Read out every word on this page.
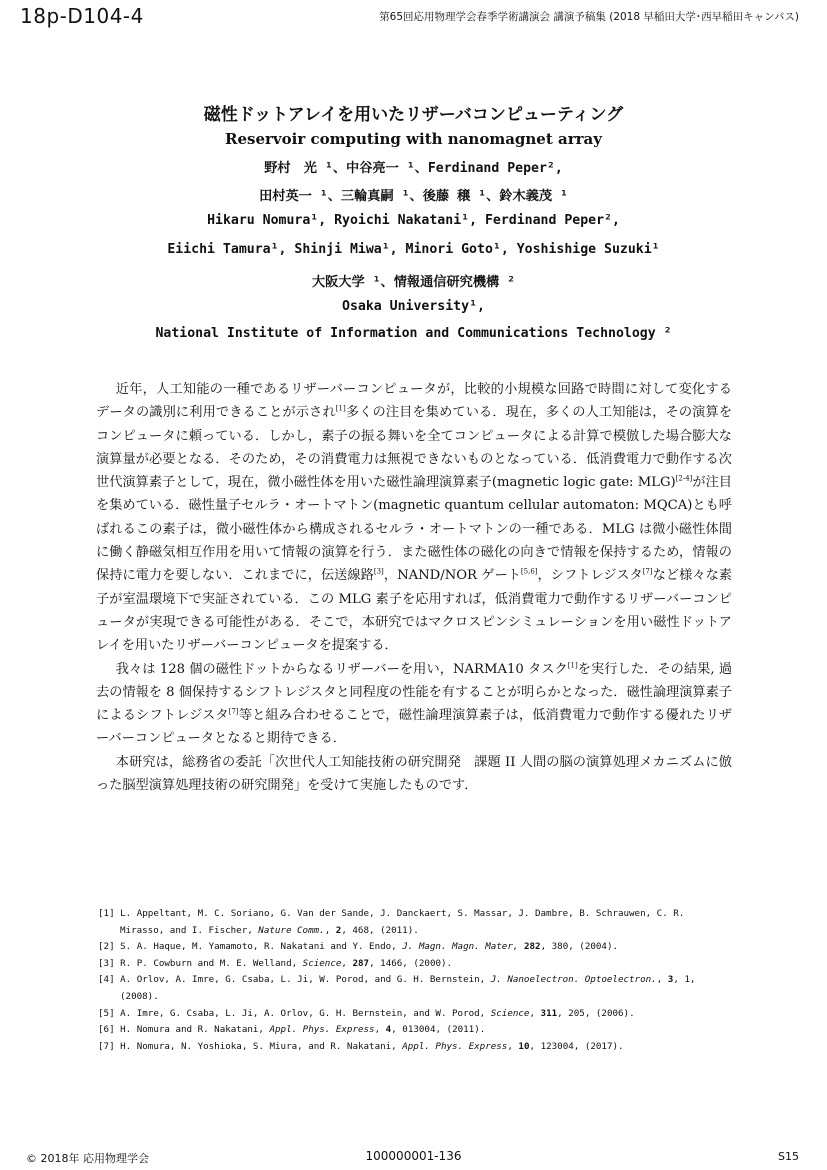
18p-D104-4	第65回応用物理学会春季学術講演会 講演予稿集 (2018 早稲田大学･西早稲田キャンパス)
磁性ドットアレイを用いたリザーバコンピューティング
Reservoir computing with nanomagnet array
野村　光 ¹、中谷亮一 ¹、Ferdinand Peper²,
田村英一 ¹、三輪真嗣 ¹、後藤 穣 ¹、鈴木義茂 ¹
Hikaru Nomura¹, Ryoichi Nakatani¹, Ferdinand Peper²,
Eiichi Tamura¹, Shinji Miwa¹, Minori Goto¹, Yoshishige Suzuki¹
大阪大学 ¹、情報通信研究機構 ²
Osaka University¹,
National Institute of Information and Communications Technology ²

近年，人工知能の一種であるリザーバーコンピュータが，比較的小規模な回路で時間に対して変化するデータの識別に利用できることが示され[1]多くの注目を集めている．現在，多くの人工知能は，その演算をコンピュータに頼っている．しかし，素子の振る舞いを全てコンピュータによる計算で模倣した場合膨大な演算量が必要となる．そのため，その消費電力は無視できないものとなっている．低消費電力で動作する次世代演算素子として，現在，微小磁性体を用いた磁性論理演算素子(magnetic logic gate: MLG)[2-4]が注目を集めている．磁性量子セルラ・オートマトン(magnetic quantum cellular automaton: MQCA)とも呼ばれるこの素子は，微小磁性体から構成されるセルラ・オートマトンの一種である．MLG は微小磁性体間に働く静磁気相互作用を用いて情報の演算を行う．また磁性体の磁化の向きで情報を保持するため，情報の保持に電力を要しない．これまでに，伝送線路[3]，NAND/NOR ゲート[5,6]，シフトレジスタ[7]など様々な素子が室温環境下で実証されている．この MLG 素子を応用すれば，低消費電力で動作するリザーバーコンピュータが実現できる可能性がある．そこで，本研究ではマクロスピンシミュレーションを用い磁性ドットアレイを用いたリザーバーコンピュータを提案する．

我々は 128 個の磁性ドットからなるリザーバーを用い，NARMA10 タスク[1]を実行した．その結果, 過去の情報を 8 個保持するシフトレジスタと同程度の性能を有することが明らかとなった．磁性論理演算素子によるシフトレジスタ[7]等と組み合わせることで，磁性論理演算素子は，低消費電力で動作する優れたリザーバーコンピュータとなると期待できる．

本研究は，総務省の委託「次世代人工知能技術の研究開発　課題 II 人間の脳の演算処理メカニズムに倣った脳型演算処理技術の研究開発」を受けて実施したものです．

[1] L. Appeltant, M. C. Soriano, G. Van der Sande, J. Danckaert, S. Massar, J. Dambre, B. Schrauwen, C. R. Mirasso, and I. Fischer, Nature Comm., 2, 468, (2011).
[2] S. A. Haque, M. Yamamoto, R. Nakatani and Y. Endo, J. Magn. Magn. Mater, 282, 380, (2004).
[3] R. P. Cowburn and M. E. Welland, Science, 287, 1466, (2000).
[4] A. Orlov, A. Imre, G. Csaba, L. Ji, W. Porod, and G. H. Bernstein, J. Nanoelectron. Optoelectron., 3, 1, (2008).
[5] A. Imre, G. Csaba, L. Ji, A. Orlov, G. H. Bernstein, and W. Porod, Science, 311, 205, (2006).
[6] H. Nomura and R. Nakatani, Appl. Phys. Express, 4, 013004, (2011).
[7] H. Nomura, N. Yoshioka, S. Miura, and R. Nakatani, Appl. Phys. Express, 10, 123004, (2017).
© 2018年 応用物理学会	100000001-136	S15
